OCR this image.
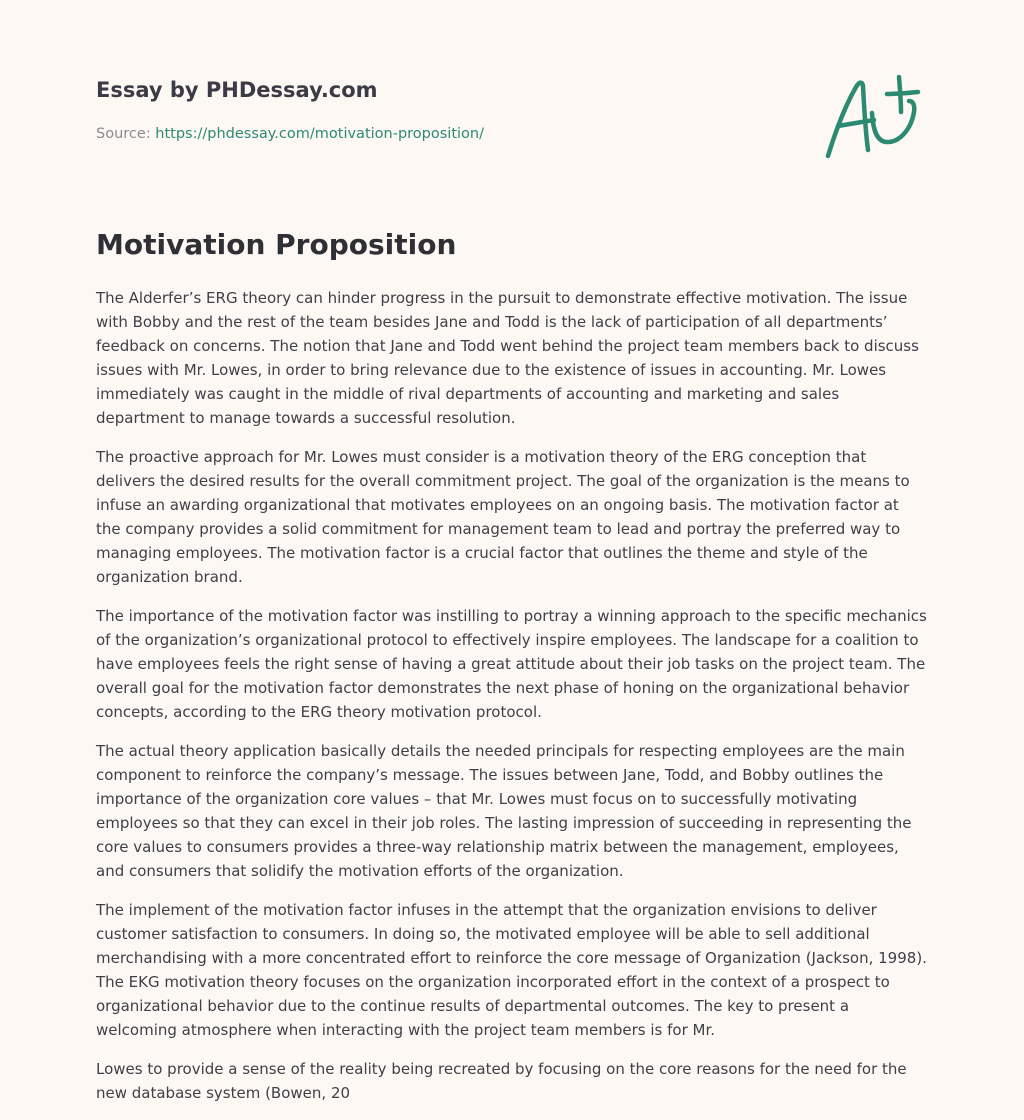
Essay by PHDessay.com
Source: https://phdessay.com/motivation-proposition/
Motivation Proposition

The Alderfer’s ERG theory can hinder progress in the pursuit to demonstrate effective motivation. The issue with Bobby and the rest of the team besides Jane and Todd is the lack of participation of all departments’ feedback on concerns. The notion that Jane and Todd went behind the project team members back to discuss issues with Mr. Lowes, in order to bring relevance due to the existence of issues in accounting. Mr. Lowes immediately was caught in the middle of rival departments of accounting and marketing and sales department to manage towards a successful resolution.

The proactive approach for Mr. Lowes must consider is a motivation theory of the ERG conception that delivers the desired results for the overall commitment project. The goal of the organization is the means to infuse an awarding organizational that motivates employees on an ongoing basis. The motivation factor at the company provides a solid commitment for management team to lead and portray the preferred way to managing employees. The motivation factor is a crucial factor that outlines the theme and style of the organization brand.

The importance of the motivation factor was instilling to portray a winning approach to the specific mechanics of the organization’s organizational protocol to effectively inspire employees. The landscape for a coalition to have employees feels the right sense of having a great attitude about their job tasks on the project team. The overall goal for the motivation factor demonstrates the next phase of honing on the organizational behavior concepts, according to the ERG theory motivation protocol.

The actual theory application basically details the needed principals for respecting employees are the main component to reinforce the company’s message. The issues between Jane, Todd, and Bobby outlines the importance of the organization core values – that Mr. Lowes must focus on to successfully motivating employees so that they can excel in their job roles. The lasting impression of succeeding in representing the core values to consumers provides a three-way relationship matrix between the management, employees, and consumers that solidify the motivation efforts of the organization.

The implement of the motivation factor infuses in the attempt that the organization envisions to deliver customer satisfaction to consumers. In doing so, the motivated employee will be able to sell additional merchandising with a more concentrated effort to reinforce the core message of Organization (Jackson, 1998). The EKG motivation theory focuses on the organization incorporated effort in the context of a prospect to organizational behavior due to the continue results of departmental outcomes. The key to present a welcoming atmosphere when interacting with the project team members is for Mr.

Lowes to provide a sense of the reality being recreated by focusing on the core reasons for the need for the new database system (Bowen, 20
